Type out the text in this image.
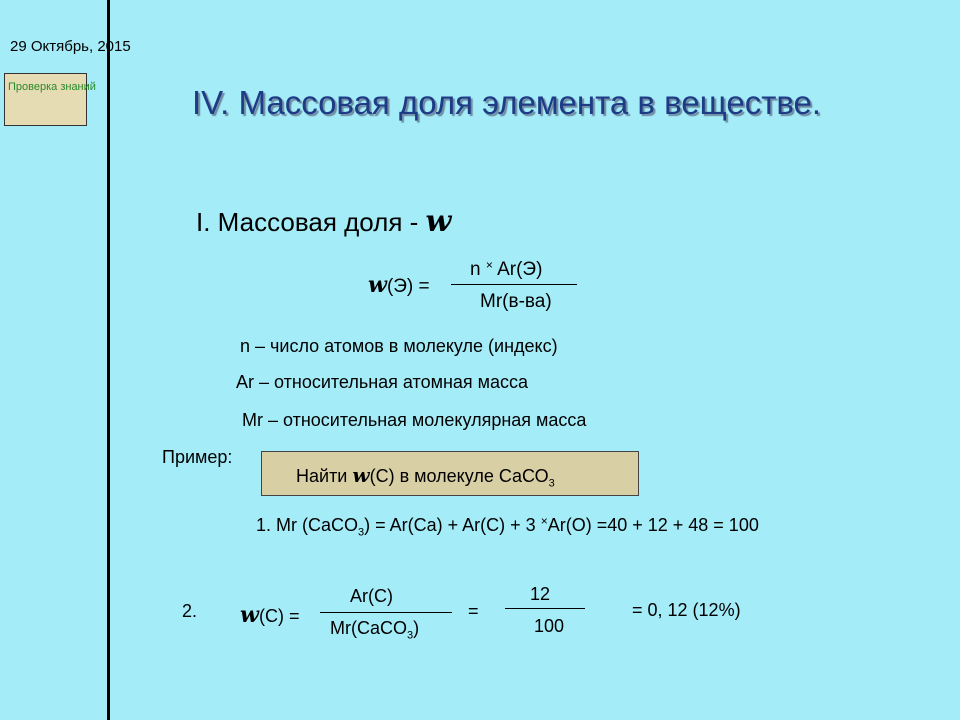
29 Октябрь, 2015
Проверка знаний	IV. Массовая доля элемента в веществе.
I. Массовая доля - w
w(Э) =
n × Ar(Э)
Mr(в-ва)
n – число атомов в молекуле (индекс)
Ar – относительная атомная масса
Mr – относительная молекулярная масса
Пример:
Найти w(С) в молекуле СаСО$_3$
1. Mr (CaCO$_3$) = Ar(Ca) + Ar(C) + 3 ×Ar(O) =40 + 12 + 48 = 100
2. w(C) =
Ar(C)
Mr(CaCO$_3$)
=
12
100
= 0, 12 (12%)
